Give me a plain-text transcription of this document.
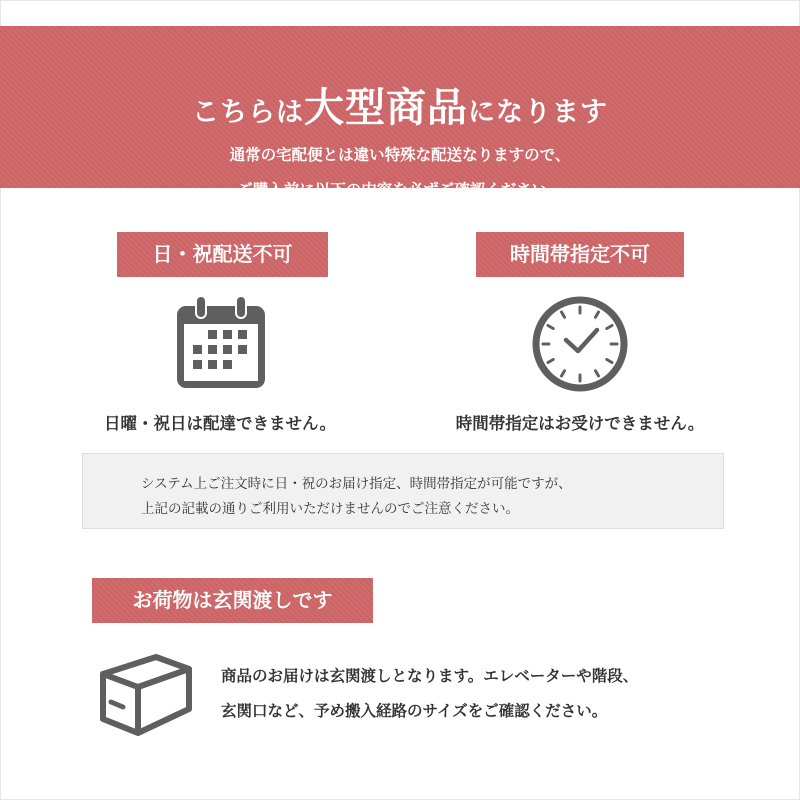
こちらは大型商品になります
通常の宅配便とは違い特殊な配送なりますので、
ご購入前に以下の内容を必ずご確認ください。
日・祝配送不可
日曜・祝日は配達できません。
時間帯指定不可
時間帯指定はお受けできません。
システム上ご注文時に日・祝のお届け指定、時間帯指定が可能ですが、
上記の記載の通りご利用いただけませんのでご注意ください。
お荷物は玄関渡しです
商品のお届けは玄関渡しとなります。エレベーターや階段、
玄関口など、予め搬入経路のサイズをご確認ください。
